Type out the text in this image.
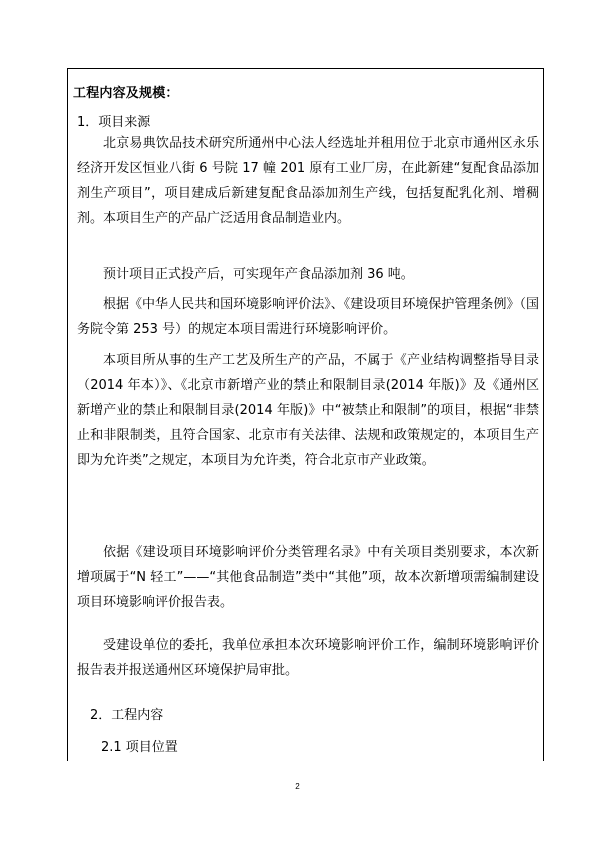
工程内容及规模：
1．项目来源

北京易典饮品技术研究所通州中心法人经选址并租用位于北京市通州区永乐经济开发区恒业八街 6 号院 17 幢 201 原有工业厂房，在此新建“复配食品添加剂生产项目”，项目建成后新建复配食品添加剂生产线，包括复配乳化剂、增稠剂。本项目生产的产品广泛适用食品制造业内。

预计项目正式投产后，可实现年产食品添加剂 36 吨。

根据《中华人民共和国环境影响评价法》、《建设项目环境保护管理条例》（国务院令第 253 号）的规定本项目需进行环境影响评价。

本项目所从事的生产工艺及所生产的产品，不属于《产业结构调整指导目录（2014 年本）》、《北京市新增产业的禁止和限制目录(2014 年版)》及《通州区新增产业的禁止和限制目录(2014 年版)》中“被禁止和限制”的项目，根据“非禁止和非限制类，且符合国家、北京市有关法律、法规和政策规定的，本项目生产即为允许类”之规定，本项目为允许类，符合北京市产业政策。

依据《建设项目环境影响评价分类管理名录》中有关项目类别要求，本次新增项属于“N 轻工”——“其他食品制造”类中“其他”项，故本次新增项需编制建设项目环境影响评价报告表。

受建设单位的委托，我单位承担本次环境影响评价工作，编制环境影响评价报告表并报送通州区环境保护局审批。

2．工程内容
2.1 项目位置
2
